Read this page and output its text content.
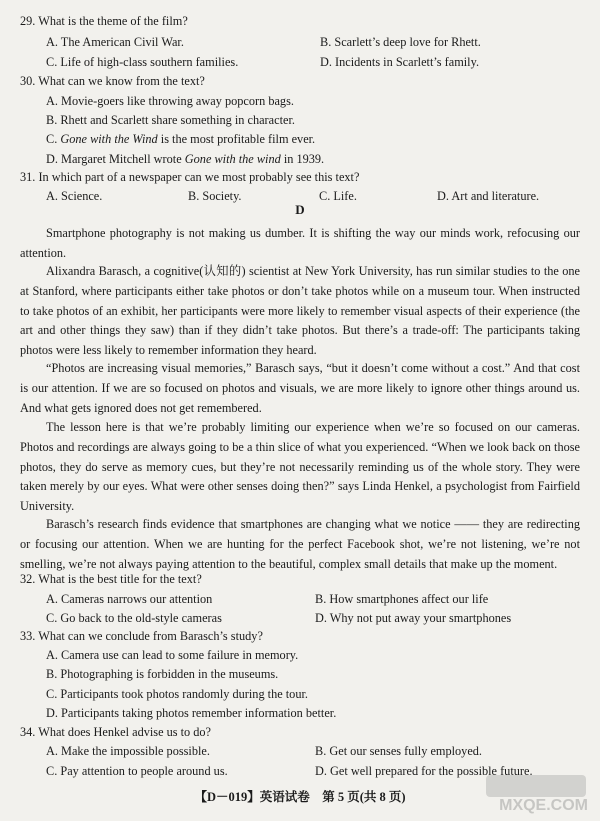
29. What is the theme of the film?
A. The American Civil War.	B. Scarlett’s deep love for Rhett.
C. Life of high-class southern families.	D. Incidents in Scarlett’s family.
30. What can we know from the text?
A. Movie-goers like throwing away popcorn bags.
B. Rhett and Scarlett share something in character.
C. Gone with the Wind is the most profitable film ever.
D. Margaret Mitchell wrote Gone with the wind in 1939.
31. In which part of a newspaper can we most probably see this text?
A. Science.	B. Society.	C. Life.	D. Art and literature.
D
Smartphone photography is not making us dumber. It is shifting the way our minds work, refocusing our attention.
Alixandra Barasch, a cognitive(认知的) scientist at New York University, has run similar studies to the one at Stanford, where participants either take photos or don’t take photos while on a museum tour. When instructed to take photos of an exhibit, her participants were more likely to remember visual aspects of their experience (the art and other things they saw) than if they didn’t take photos. But there’s a trade-off: The participants taking photos were less likely to remember information they heard.
“Photos are increasing visual memories,” Barasch says, “but it doesn’t come without a cost.” And that cost is our attention. If we are so focused on photos and visuals, we are more likely to ignore other things around us. And what gets ignored does not get remembered.
The lesson here is that we’re probably limiting our experience when we’re so focused on our cameras. Photos and recordings are always going to be a thin slice of what you experienced. “When we look back on those photos, they do serve as memory cues, but they’re not necessarily reminding us of the whole story. They were taken merely by our eyes. What were other senses doing then?” says Linda Henkel, a psychologist from Fairfield University.
Barasch’s research finds evidence that smartphones are changing what we notice —— they are redirecting or focusing our attention. When we are hunting for the perfect Facebook shot, we’re not listening, we’re not smelling, we’re not always paying attention to the beautiful, complex small details that make up the moment.
32. What is the best title for the text?
A. Cameras narrows our attention	B. How smartphones affect our life
C. Go back to the old-style cameras	D. Why not put away your smartphones
33. What can we conclude from Barasch’s study?
A. Camera use can lead to some failure in memory.
B. Photographing is forbidden in the museums.
C. Participants took photos randomly during the tour.
D. Participants taking photos remember information better.
34. What does Henkel advise us to do?
A. Make the impossible possible.	B. Get our senses fully employed.
C. Pay attention to people around us.	D. Get well prepared for the possible future.
【D－019】英语试卷　第 5 页(共 8 页)	MXQE.COM
